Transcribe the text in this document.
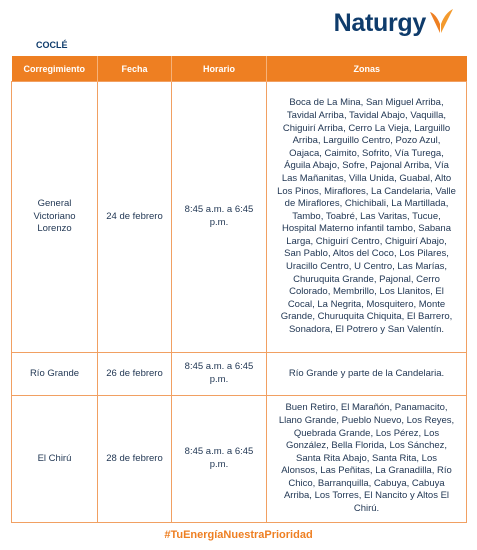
Naturgy
COCLÉ
Corregimiento	Fecha	Horario	Zonas
General Victoriano Lorenzo	24 de febrero	8:45 a.m. a 6:45 p.m.	Boca de La Mina, San Miguel Arriba, Tavidal Arriba, Tavidal Abajo, Vaquilla, Chiguirí Arriba, Cerro La Vieja, Larguillo Arriba, Larguillo Centro, Pozo Azul, Oajaca, Caimito, Sofrito, Vía Turega, Águila Abajo, Sofre, Pajonal Arriba, Vía Las Mañanitas, Villa Unida, Guabal, Alto Los Pinos, Miraflores, La Candelaria, Valle de Miraflores, Chichibali, La Martillada, Tambo, Toabré, Las Varitas, Tucue, Hospital Materno infantil tambo, Sabana Larga, Chiguirí Centro, Chiguirí Abajo, San Pablo, Altos del Coco, Los Pilares, Uracillo Centro, U Centro, Las Marías, Churuquita Grande, Pajonal, Cerro Colorado, Membrillo, Los Llanitos, El Cocal, La Negrita, Mosquitero, Monte Grande, Churuquita Chiquita, El Barrero, Sonadora, El Potrero y San Valentín.
Río Grande	26 de febrero	8:45 a.m. a 6:45 p.m.	Río Grande y parte de la Candelaria.
El Chirú	28 de febrero	8:45 a.m. a 6:45 p.m.	Buen Retiro, El Marañón, Panamacito, Llano Grande, Pueblo Nuevo, Los Reyes, Quebrada Grande, Los Pérez, Los González, Bella Florida, Los Sánchez, Santa Rita Abajo, Santa Rita, Los Alonsos, Las Peñitas, La Granadilla, Río Chico, Barranquilla, Cabuya, Cabuya Arriba, Los Torres, El Nancito y Altos El Chirú.
#TuEnergíaNuestraPrioridad
